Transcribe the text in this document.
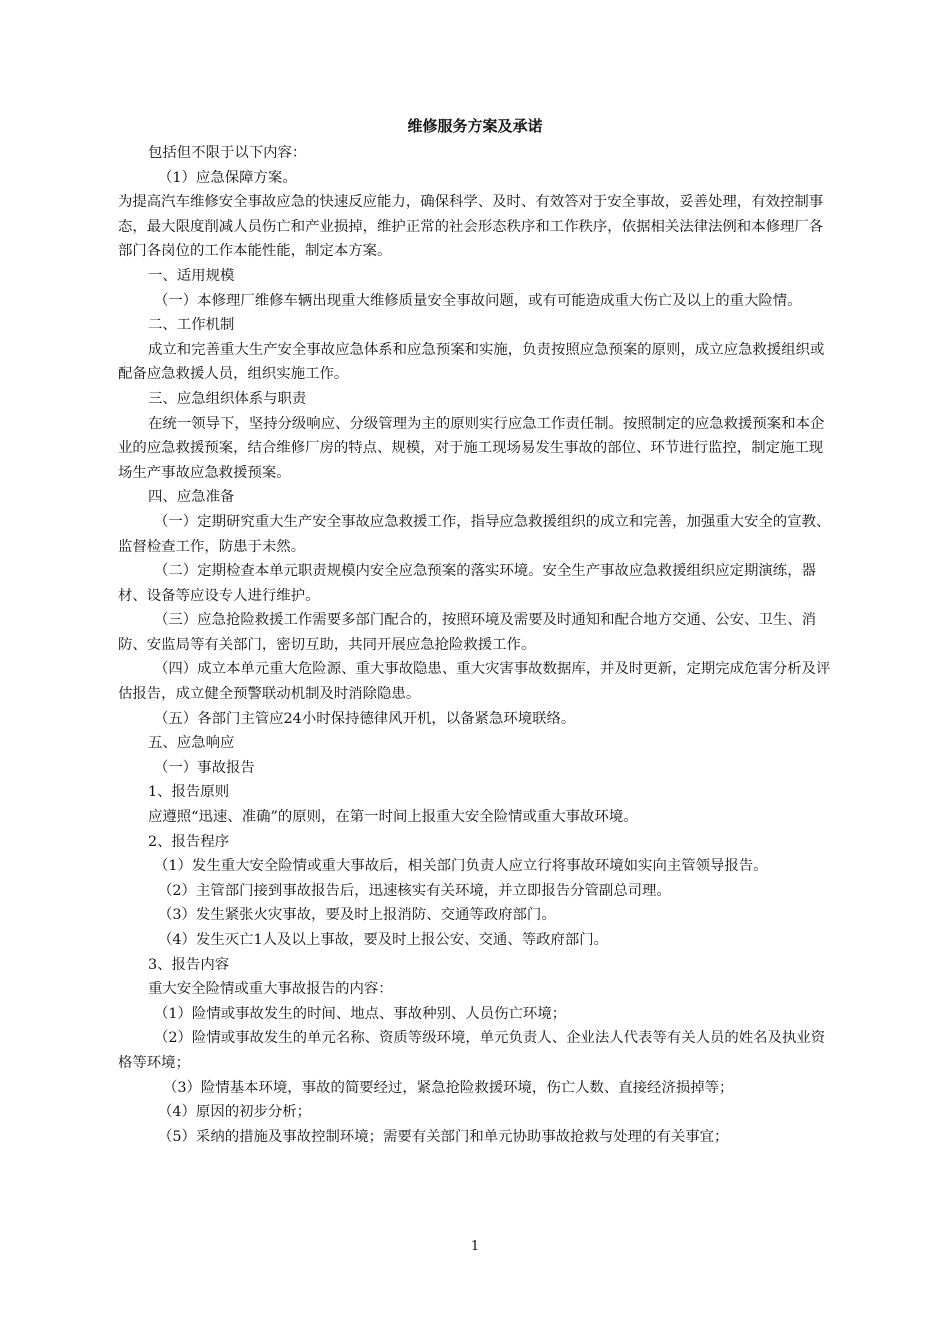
维修服务方案及承诺

包括但不限于以下内容：

（1）应急保障方案。

为提高汽车维修安全事故应急的快速反应能力，确保科学、及时、有效答对于安全事故，妥善处理，有效控制事态，最大限度削减人员伤亡和产业损掉，维护正常的社会形态秩序和工作秩序，依据相关法律法例和本修理厂各部门各岗位的工作本能性能，制定本方案。

一、适用规模

（一）本修理厂维修车辆出现重大维修质量安全事故问题，或有可能造成重大伤亡及以上的重大险情。

二、工作机制

成立和完善重大生产安全事故应急体系和应急预案和实施，负责按照应急预案的原则，成立应急救援组织或配备应急救援人员，组织实施工作。

三、应急组织体系与职责

在统一领导下，坚持分级响应、分级管理为主的原则实行应急工作责任制。按照制定的应急救援预案和本企业的应急救援预案，结合维修厂房的特点、规模，对于施工现场易发生事故的部位、环节进行监控，制定施工现场生产事故应急救援预案。

四、应急准备

（一）定期研究重大生产安全事故应急救援工作，指导应急救援组织的成立和完善，加强重大安全的宣教、监督检查工作，防患于未然。

（二）定期检查本单元职责规模内安全应急预案的落实环境。安全生产事故应急救援组织应定期演练，器材、设备等应设专人进行维护。

（三）应急抢险救援工作需要多部门配合的，按照环境及需要及时通知和配合地方交通、公安、卫生、消防、安监局等有关部门，密切互助，共同开展应急抢险救援工作。

（四）成立本单元重大危险源、重大事故隐患、重大灾害事故数据库，并及时更新，定期完成危害分析及评估报告，成立健全预警联动机制及时消除隐患。

（五）各部门主管应24小时保持德律风开机，以备紧急环境联络。

五、应急响应

（一）事故报告

1、报告原则

应遵照“迅速、准确”的原则，在第一时间上报重大安全险情或重大事故环境。

2、报告程序

（1）发生重大安全险情或重大事故后，相关部门负责人应立行将事故环境如实向主管领导报告。

（2）主管部门接到事故报告后，迅速核实有关环境，并立即报告分管副总司理。

（3）发生紧张火灾事故，要及时上报消防、交通等政府部门。

（4）发生灭亡1人及以上事故，要及时上报公安、交通、等政府部门。

3、报告内容

重大安全险情或重大事故报告的内容：

（1）险情或事故发生的时间、地点、事故种别、人员伤亡环境；

（2）险情或事故发生的单元名称、资质等级环境，单元负责人、企业法人代表等有关人员的姓名及执业资格等环境；

（3）险情基本环境，事故的简要经过，紧急抢险救援环境，伤亡人数、直接经济损掉等；

（4）原因的初步分析；

（5）采纳的措施及事故控制环境；需要有关部门和单元协助事故抢救与处理的有关事宜；

1
